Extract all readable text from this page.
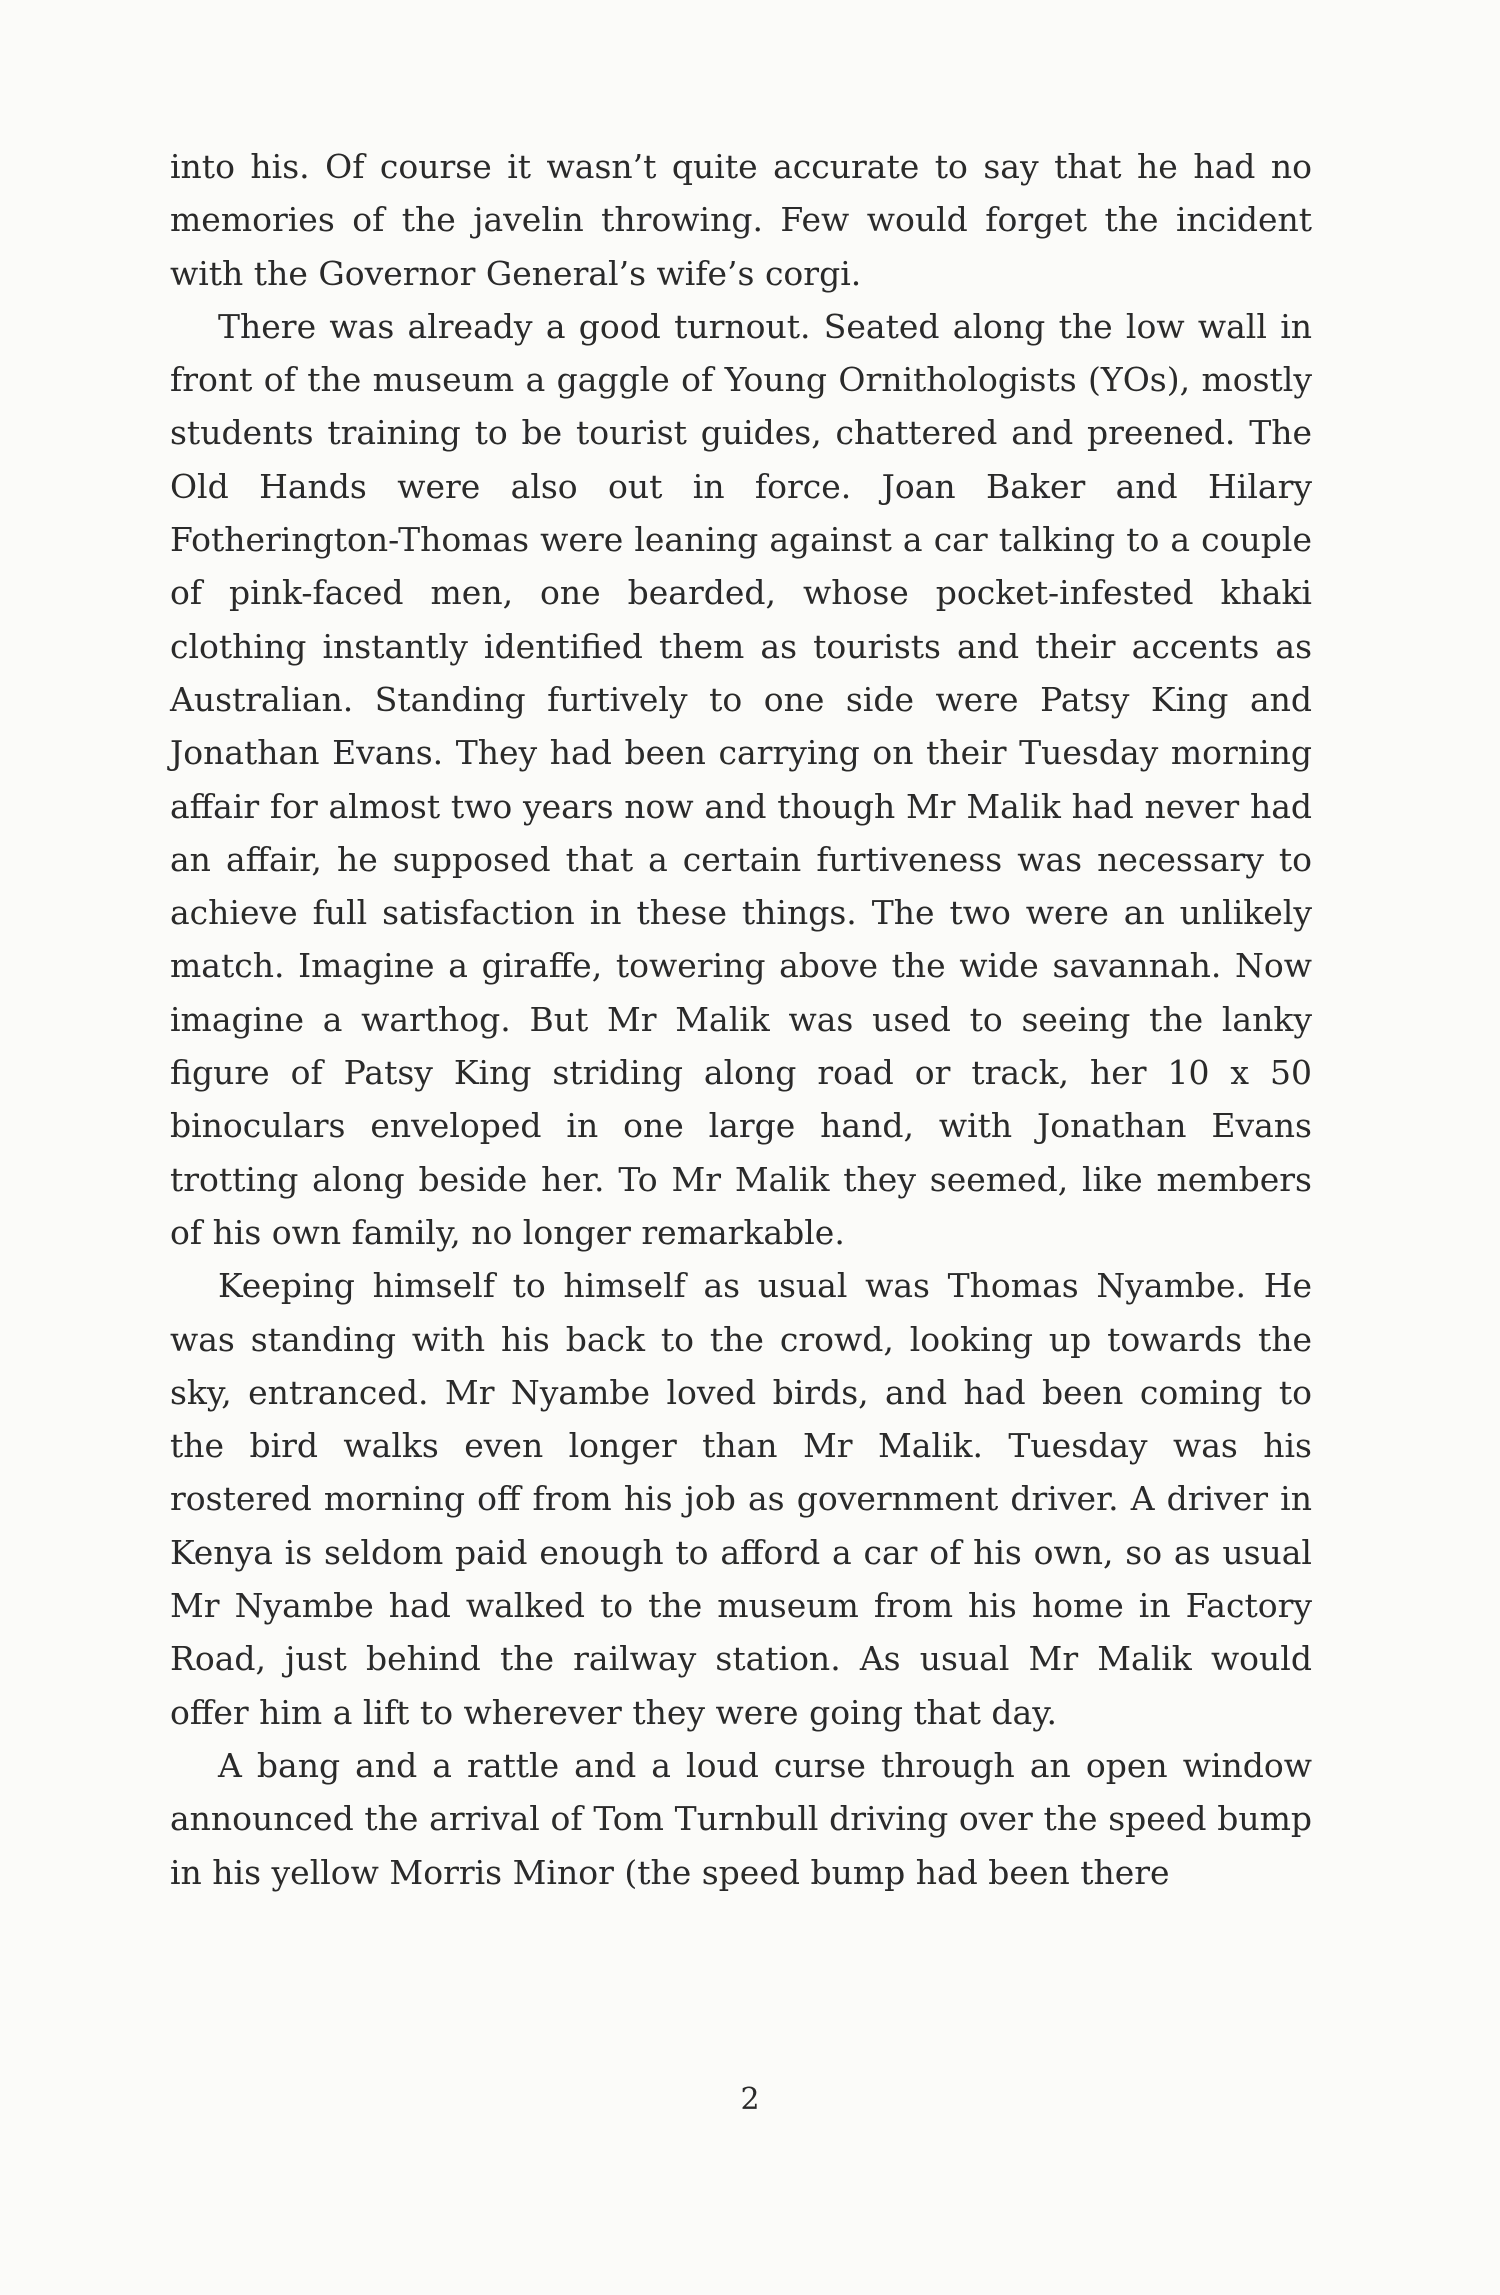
into his. Of course it wasn’t quite accurate to say that he had no memories of the javelin throwing. Few would forget the incident with the Governor General’s wife’s corgi.

There was already a good turnout. Seated along the low wall in front of the museum a gaggle of Young Ornithologists (YOs), mostly students training to be tourist guides, chattered and preened. The Old Hands were also out in force. Joan Baker and Hilary Fotherington-Thomas were leaning against a car talking to a couple of pink-faced men, one bearded, whose pocket-infested khaki clothing instantly identified them as tourists and their accents as Australian. Standing furtively to one side were Patsy King and Jonathan Evans. They had been carrying on their Tuesday morning affair for almost two years now and though Mr Malik had never had an affair, he supposed that a certain furtiveness was necessary to achieve full satisfaction in these things. The two were an unlikely match. Imagine a giraffe, towering above the wide savannah. Now imagine a warthog. But Mr Malik was used to seeing the lanky figure of Patsy King striding along road or track, her 10 x 50 binoculars enveloped in one large hand, with Jonathan Evans trotting along beside her. To Mr Malik they seemed, like members of his own family, no longer remarkable.

Keeping himself to himself as usual was Thomas Nyambe. He was standing with his back to the crowd, looking up towards the sky, entranced. Mr Nyambe loved birds, and had been coming to the bird walks even longer than Mr Malik. Tuesday was his rostered morning off from his job as government driver. A driver in Kenya is seldom paid enough to afford a car of his own, so as usual Mr Nyambe had walked to the museum from his home in Factory Road, just behind the railway station. As usual Mr Malik would offer him a lift to wherever they were going that day.

A bang and a rattle and a loud curse through an open window announced the arrival of Tom Turnbull driving over the speed bump in his yellow Morris Minor (the speed bump had been there

2
